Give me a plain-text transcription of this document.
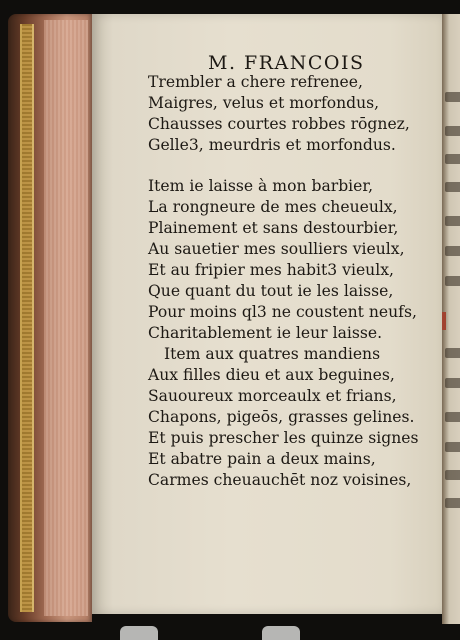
M. FRANCOIS
Trembler a chere refrenee,
Maigres, velus et morfondus,
Chausses courtes robbes rōgnez,
Gelle3, meurdris et morfondus.
Item ie laisse à mon barbier,
La rongneure de mes cheueulx,
Plainement et sans destourbier,
Au sauetier mes soulliers vieulx,
Et au fripier mes habit3 vieulx,
Que quant du tout ie les laisse,
Pour moins ql3 ne coustent neufs,
Charitablement ie leur laisse.
Item aux quatres mandiens
Aux filles dieu et aux beguines,
Sauoureux morceaulx et frians,
Chapons, pigeōs, grasses gelines.
Et puis prescher les quinze signes
Et abatre pain a deux mains,
Carmes cheuauchēt noz voisines,
